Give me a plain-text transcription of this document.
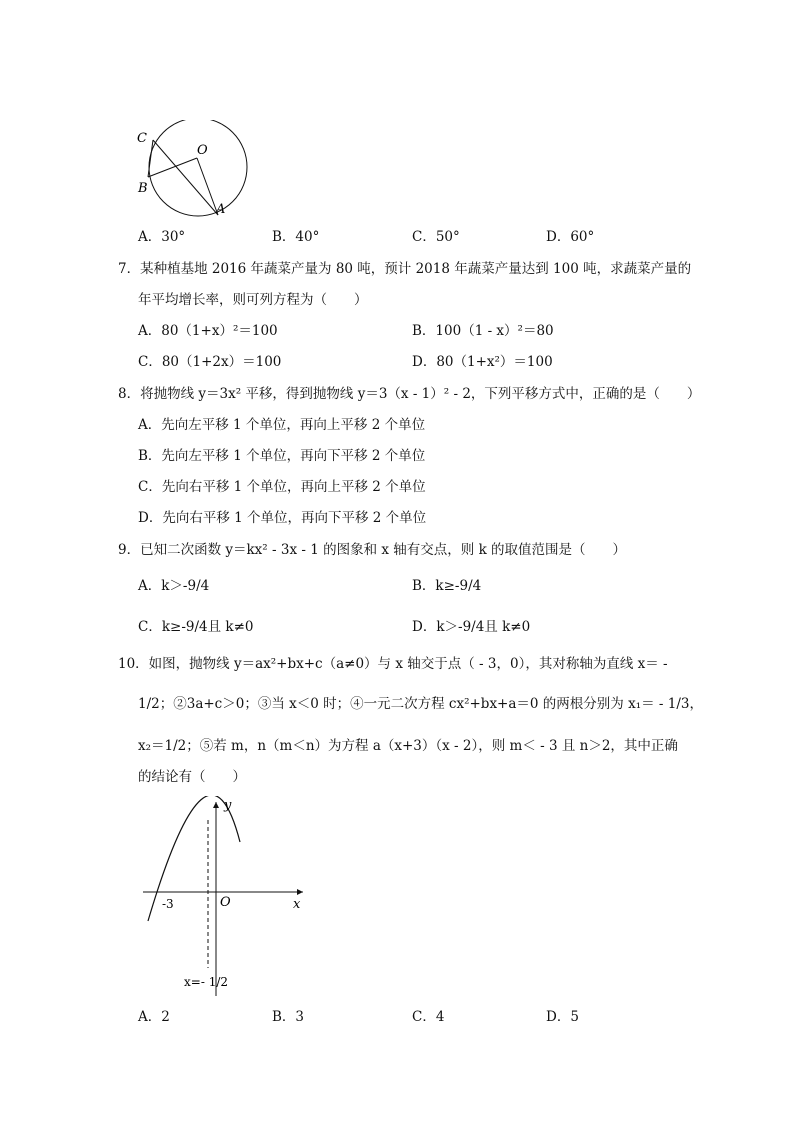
C
O
B
A
A．30°	B．40°	C．50°	D．60°
7．某种植基地 2016 年蔬菜产量为 80 吨，预计 2018 年蔬菜产量达到 100 吨，求蔬菜产量的
年平均增长率，则可列方程为（　　）
A．80（1+x）²＝100	B．100（1 - x）²＝80
C．80（1+2x）＝100	D．80（1+x²）＝100
8．将抛物线 y＝3x² 平移，得到抛物线 y＝3（x - 1）² - 2，下列平移方式中，正确的是（　　）
A．先向左平移 1 个单位，再向上平移 2 个单位
B．先向左平移 1 个单位，再向下平移 2 个单位
C．先向右平移 1 个单位，再向上平移 2 个单位
D．先向右平移 1 个单位，再向下平移 2 个单位
9．已知二次函数 y＝kx² - 3x - 1 的图象和 x 轴有交点，则 k 的取值范围是（　　）
A．k＞-9/4	B．k≥-9/4
C．k≥-9/4且 k≠0	D．k＞-9/4且 k≠0
10．如图，抛物线 y＝ax²+bx+c（a≠0）与 x 轴交于点（ - 3，0），其对称轴为直线 x＝ -
1/2；②3a+c＞0；③当 x＜0 时；④一元二次方程 cx²+bx+a＝0 的两根分别为 x₁＝ - 1/3，
x₂＝1/2；⑤若 m，n（m＜n）为方程 a（x+3）（x - 2），则 m＜ - 3 且 n＞2，其中正确
的结论有（　　）
y
x
O
-3
x=- 1/2
A．2	B．3	C．4	D．5
